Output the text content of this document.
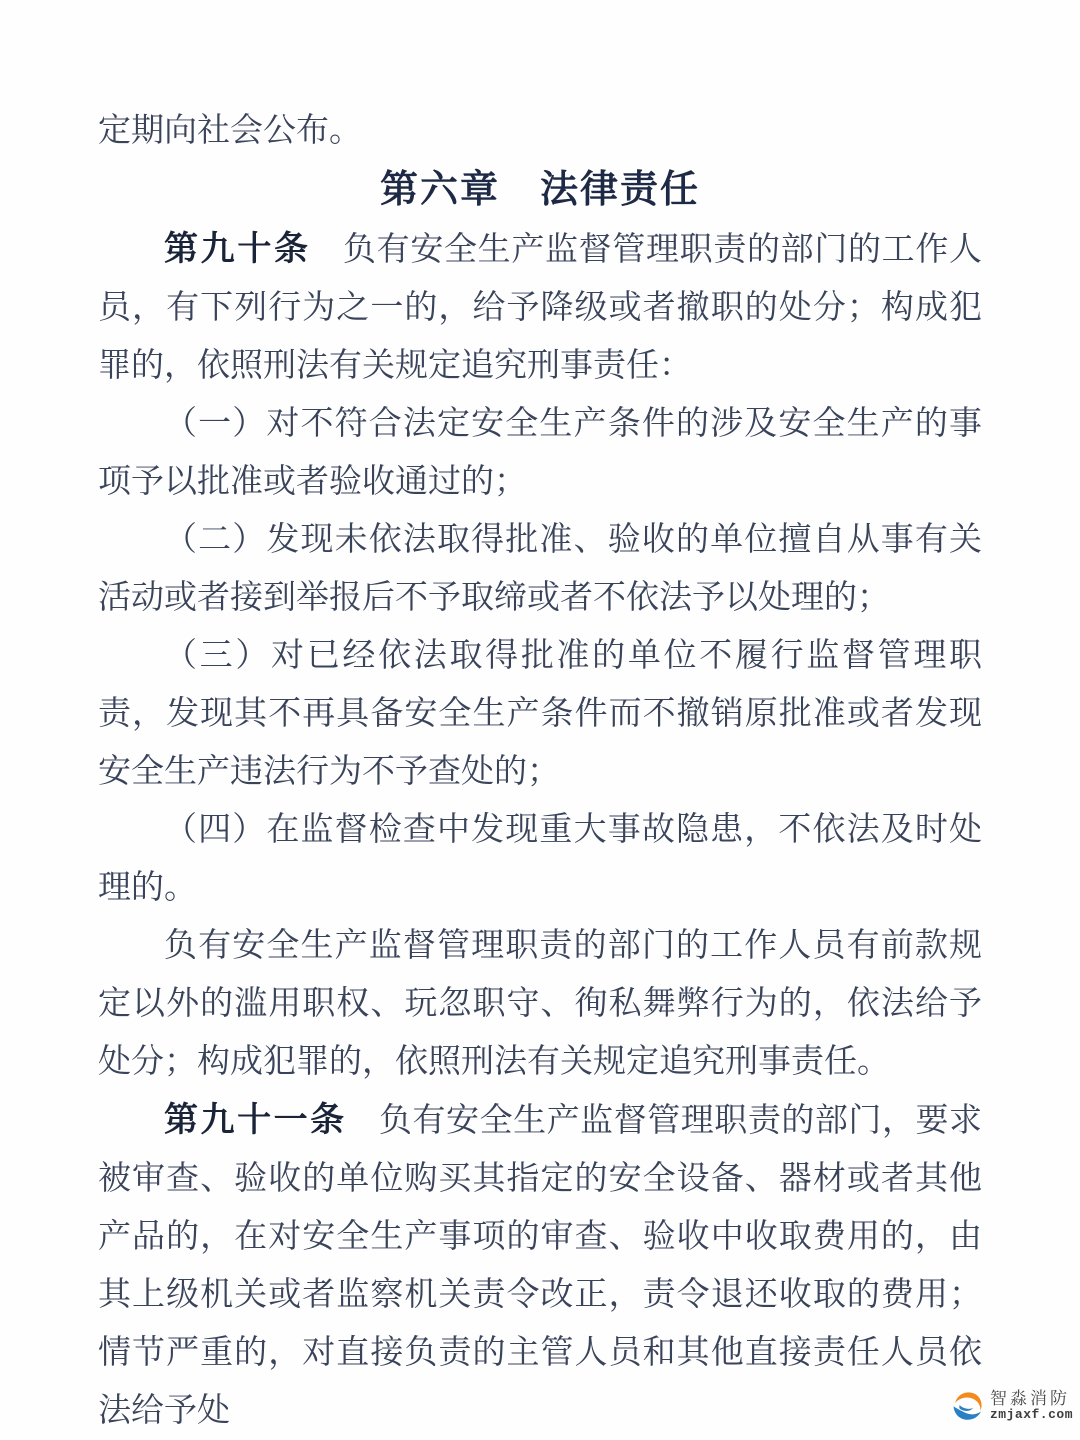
定期向社会公布。

第六章 法律责任

第九十条 负有安全生产监督管理职责的部门的工作人员，有下列行为之一的，给予降级或者撤职的处分；构成犯罪的，依照刑法有关规定追究刑事责任：

（一）对不符合法定安全生产条件的涉及安全生产的事项予以批准或者验收通过的；

（二）发现未依法取得批准、验收的单位擅自从事有关活动或者接到举报后不予取缔或者不依法予以处理的；

（三）对已经依法取得批准的单位不履行监督管理职责，发现其不再具备安全生产条件而不撤销原批准或者发现安全生产违法行为不予查处的；

（四）在监督检查中发现重大事故隐患，不依法及时处理的。

负有安全生产监督管理职责的部门的工作人员有前款规定以外的滥用职权、玩忽职守、徇私舞弊行为的，依法给予处分；构成犯罪的，依照刑法有关规定追究刑事责任。

第九十一条 负有安全生产监督管理职责的部门，要求被审查、验收的单位购买其指定的安全设备、器材或者其他产品的，在对安全生产事项的审查、验收中收取费用的，由其上级机关或者监察机关责令改正，责令退还收取的费用；情节严重的，对直接负责的主管人员和其他直接责任人员依法给予处	智淼消防
zmjaxf.com
